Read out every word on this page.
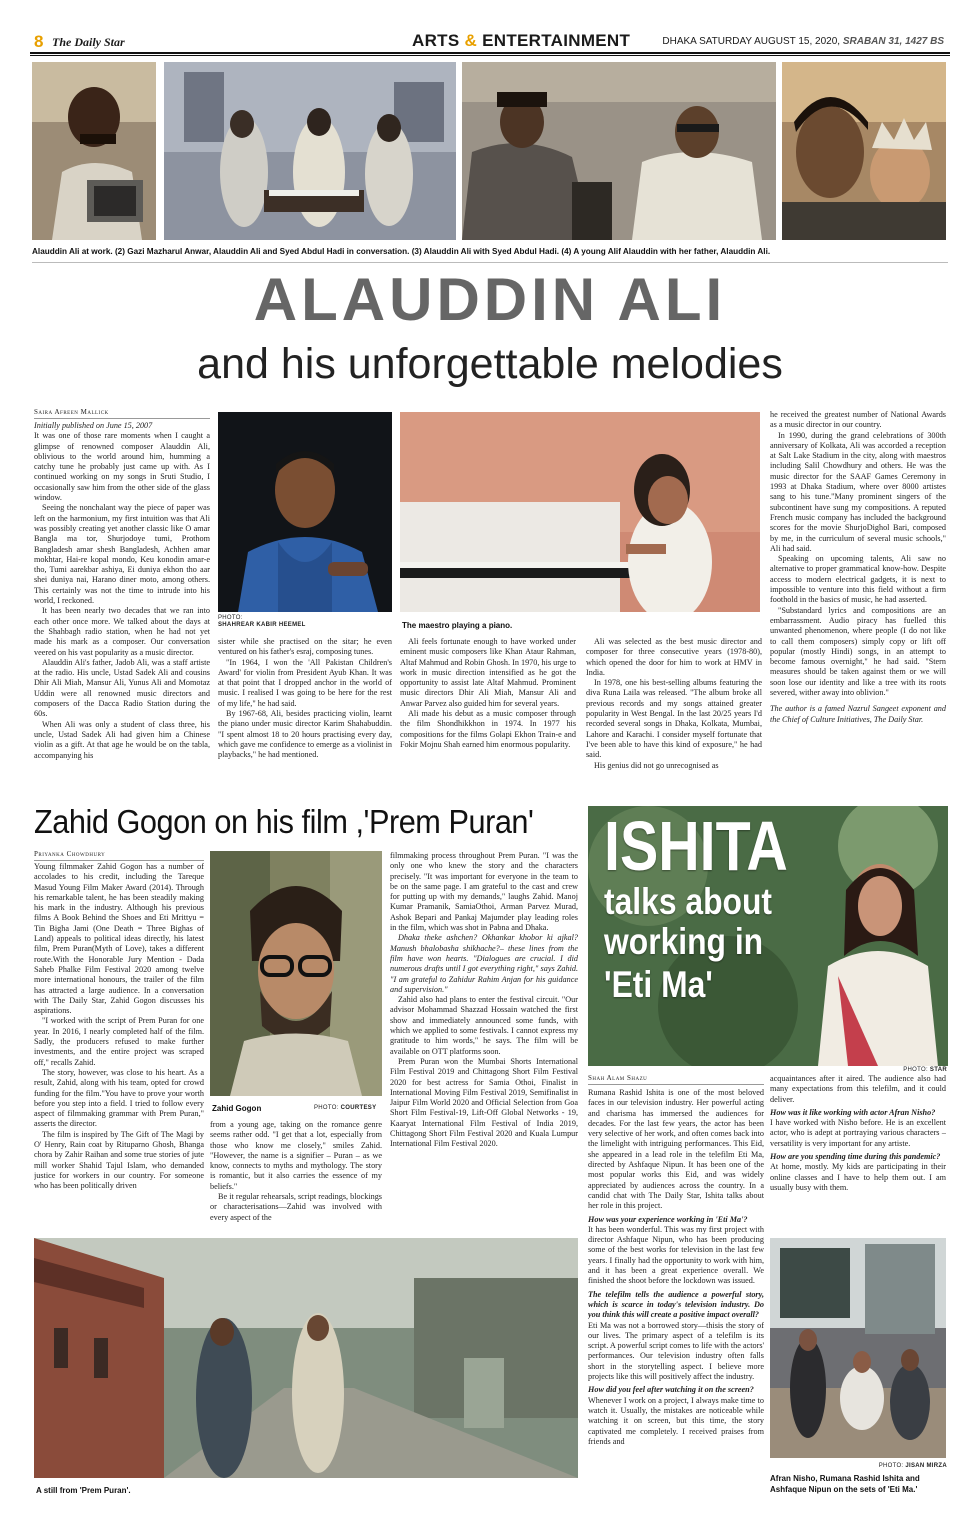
8 The Daily Star	ARTS & ENTERTAINMENT	DHAKA SATURDAY AUGUST 15, 2020, SRABAN 31, 1427 BS
Alauddin Ali at work. (2) Gazi Mazharul Anwar, Alauddin Ali and Syed Abdul Hadi in conversation. (3) Alauddin Ali with Syed Abdul Hadi. (4) A young Alif Alauddin with her father, Alauddin Ali.
ALAUDDIN ALI
and his unforgettable melodies
Saira Afreen Mallick

Initially published on June 15, 2007

It was one of those rare moments when I caught a glimpse of renowned composer Alauddin Ali, oblivious to the world around him, humming a catchy tune he probably just came up with. As I continued working on my songs in Sruti Studio, I occasionally saw him from the other side of the glass window.

Seeing the nonchalant way the piece of paper was left on the harmonium, my first intuition was that Ali was possibly creating yet another classic like O amar Bangla ma tor, Shurjodoye tumi, Prothom Bangladesh amar shesh Bangladesh, Achhen amar mokhtar, Hai-re kopal mondo, Keu konodin amar-e tho, Tumi aarekbar ashiya, Ei duniya ekhon tho aar shei duniya nai, Harano diner moto, among others. This certainly was not the time to intrude into his world, I reckoned.

It has been nearly two decades that we ran into each other once more. We talked about the days at the Shahbagh radio station, when he had not yet made his mark as a composer. Our conversation veered on his vast popularity as a music director.

Alauddin Ali's father, Jadob Ali, was a staff artiste at the radio. His uncle, Ustad Sadek Ali and cousins Dhir Ali Miah, Mansur Ali, Yunus Ali and Momotaz Uddin were all renowned music directors and composers of the Dacca Radio Station during the 60s.

When Ali was only a student of class three, his uncle, Ustad Sadek Ali had given him a Chinese violin as a gift. At that age he would be on the tabla, accompanying his

PHOTO:
SHAHREAR KABIR HEEMEL	The maestro playing a piano.

sister while she practised on the sitar; he even ventured on his father's esraj, composing tunes.

"In 1964, I won the 'All Pakistan Children's Award' for violin from President Ayub Khan. It was at that point that I dropped anchor in the world of music. I realised I was going to be here for the rest of my life," he had said.

By 1967-68, Ali, besides practicing violin, learnt the piano under music director Karim Shahabuddin. "I spent almost 18 to 20 hours practising every day, which gave me confidence to emerge as a violinist in playbacks," he had mentioned.

Ali feels fortunate enough to have worked under eminent music composers like Khan Ataur Rahman, Altaf Mahmud and Robin Ghosh. In 1970, his urge to work in music direction intensified as he got the opportunity to assist late Altaf Mahmud. Prominent music directors Dhir Ali Miah, Mansur Ali and Anwar Parvez also guided him for several years.

Ali made his debut as a music composer through the film Shondhikkhon in 1974. In 1977 his compositions for the films Golapi Ekhon Train-e and Fokir Mojnu Shah earned him enormous popularity.

Ali was selected as the best music director and composer for three consecutive years (1978-80), which opened the door for him to work at HMV in India.

In 1978, one his best-selling albums featuring the diva Runa Laila was released. "The album broke all previous records and my songs attained greater popularity in West Bengal. In the last 20/25 years I'd recorded several songs in Dhaka, Kolkata, Mumbai, Lahore and Karachi. I consider myself fortunate that I've been able to have this kind of exposure," he had said.

His genius did not go unrecognised as

he received the greatest number of National Awards as a music director in our country.

In 1990, during the grand celebrations of 300th anniversary of Kolkata, Ali was accorded a reception at Salt Lake Stadium in the city, along with maestros including Salil Chowdhury and others. He was the music director for the SAAF Games Ceremony in 1993 at Dhaka Stadium, where over 8000 artistes sang to his tune."Many prominent singers of the subcontinent have sung my compositions. A reputed French music company has included the background scores for the movie ShurjoDighol Bari, composed by me, in the curriculum of several music schools," Ali had said.

Speaking on upcoming talents, Ali saw no alternative to proper grammatical know-how. Despite access to modern electrical gadgets, it is next to impossible to venture into this field without a firm foothold in the basics of music, he had asserted.

"Substandard lyrics and compositions are an embarrassment. Audio piracy has fuelled this unwanted phenomenon, where people (I do not like to call them composers) simply copy or lift off popular (mostly Hindi) songs, in an attempt to become famous overnight," he had said. "Stern measures should be taken against them or we will soon lose our identity and like a tree with its roots severed, wither away into oblivion."

The author is a famed Nazrul Sangeet exponent and the Chief of Culture Initiatives, The Daily Star.

Zahid Gogon on his film ,'Prem Puran'
Priyanka Chowdhury

Young filmmaker Zahid Gogon has a number of accolades to his credit, including the Tareque Masud Young Film Maker Award (2014). Through his remarkable talent, he has been steadily making his mark in the industry. Although his previous films A Book Behind the Shoes and Eti Mrittyu = Tin Bigha Jami (One Death = Three Bighas of Land) appeals to political ideas directly, his latest film, Prem Puran(Myth of Love), takes a different route.With the Honorable Jury Mention - Dada Saheb Phalke Film Festival 2020 among twelve more international honours, the trailer of the film has attracted a large audience. In a conversation with The Daily Star, Zahid Gogon discusses his aspirations.

"I worked with the script of Prem Puran for one year. In 2016, I nearly completed half of the film. Sadly, the producers refused to make further investments, and the entire project was scraped off," recalls Zahid.

The story, however, was close to his heart. As a result, Zahid, along with his team, opted for crowd funding for the film."You have to prove your worth before you step into a field. I tried to follow every aspect of filmmaking grammar with Prem Puran," asserts the director.

The film is inspired by The Gift of The Magi by O' Henry, Rain coat by Rituparno Ghosh, Bhanga chora by Zahir Raihan and some true stories of jute mill worker Shahid Tajul Islam, who demanded justice for workers in our country. For someone who has been politically driven

Zahid Gogon	PHOTO: COURTESY

from a young age, taking on the romance genre seems rather odd. "I get that a lot, especially from those who know me closely," smiles Zahid. "However, the name is a signifier – Puran – as we know, connects to myths and mythology. The story is romantic, but it also carries the essence of my beliefs."

Be it regular rehearsals, script readings, blockings or characterisations—Zahid was involved with every aspect of the

filmmaking process throughout Prem Puran. "I was the only one who knew the story and the characters precisely. "It was important for everyone in the team to be on the same page. I am grateful to the cast and crew for putting up with my demands," laughs Zahid. Manoj Kumar Pramanik, SamiaOthoi, Arman Parvez Murad, Ashok Bepari and Pankaj Majumder play leading roles in the film, which was shot in Pabna and Dhaka.

Dhaka theke ashchen? Okhankar khobor ki ajkal? Manush bhalobasha shikhache?– these lines from the film have won hearts. "Dialogues are crucial. I did numerous drafts until I got everything right," says Zahid. "I am grateful to Zahidur Rahim Anjan for his guidance and supervision."

Zahid also had plans to enter the festival circuit. "Our advisor Mohammad Shazzad Hossain watched the first show and immediately announced some funds, with which we applied to some festivals. I cannot express my gratitude to him words," he says. The film will be available on OTT platforms soon.

Prem Puran won the Mumbai Shorts International Film Festival 2019 and Chittagong Short Film Festival 2020 for best actress for Samia Othoi, Finalist in International Moving Film Festival 2019, Semifinalist in Jaipur Film World 2020 and Official Selection from Goa Short Film Festival-19, Lift-Off Global Networks - 19, Kaaryat International Film Festival of India 2019, Chittagong Short Film Festival 2020 and Kuala Lumpur International Film Festival 2020.

A still from 'Prem Puran'.
ISHITA
talks about
working in
'Eti Ma'
PHOTO: STAR
Shah Alam Shazu

Rumana Rashid Ishita is one of the most beloved faces in our television industry. Her powerful acting and charisma has immersed the audiences for decades. For the last few years, the actor has been very selective of her work, and often comes back into the limelight with intriguing performances. This Eid, she appeared in a lead role in the telefilm Eti Ma, directed by Ashfaque Nipun. It has been one of the most popular works this Eid, and was widely appreciated by audiences across the country. In a candid chat with The Daily Star, Ishita talks about her role in this project.

How was your experience working in 'Eti Ma'?

It has been wonderful. This was my first project with director Ashfaque Nipun, who has been producing some of the best works for television in the last few years. I finally had the opportunity to work with him, and it has been a great experience overall. We finished the shoot before the lockdown was issued.

The telefilm tells the audience a powerful story, which is scarce in today's television industry. Do you think this will create a positive impact overall?

Eti Ma was not a borrowed story—thisis the story of our lives. The primary aspect of a telefilm is its script. A powerful script comes to life with the actors' performances. Our television industry often falls short in the storytelling aspect. I believe more projects like this will positively affect the industry.

How did you feel after watching it on the screen?

Whenever I work on a project, I always make time to watch it. Usually, the mistakes are noticeable while watching it on screen, but this time, the story captivated me completely. I received praises from friends and

acquaintances after it aired. The audience also had many expectations from this telefilm, and it could deliver.

How was it like working with actor Afran Nisho?

I have worked with Nisho before. He is an excellent actor, who is adept at portraying various characters – versatility is very important for any artiste.

How are you spending time during this pandemic?

At home, mostly. My kids are participating in their online classes and I have to help them out. I am usually busy with them.

PHOTO: JISAN MIRZA
Afran Nisho, Rumana Rashid Ishita and Ashfaque Nipun on the sets of 'Eti Ma.'
